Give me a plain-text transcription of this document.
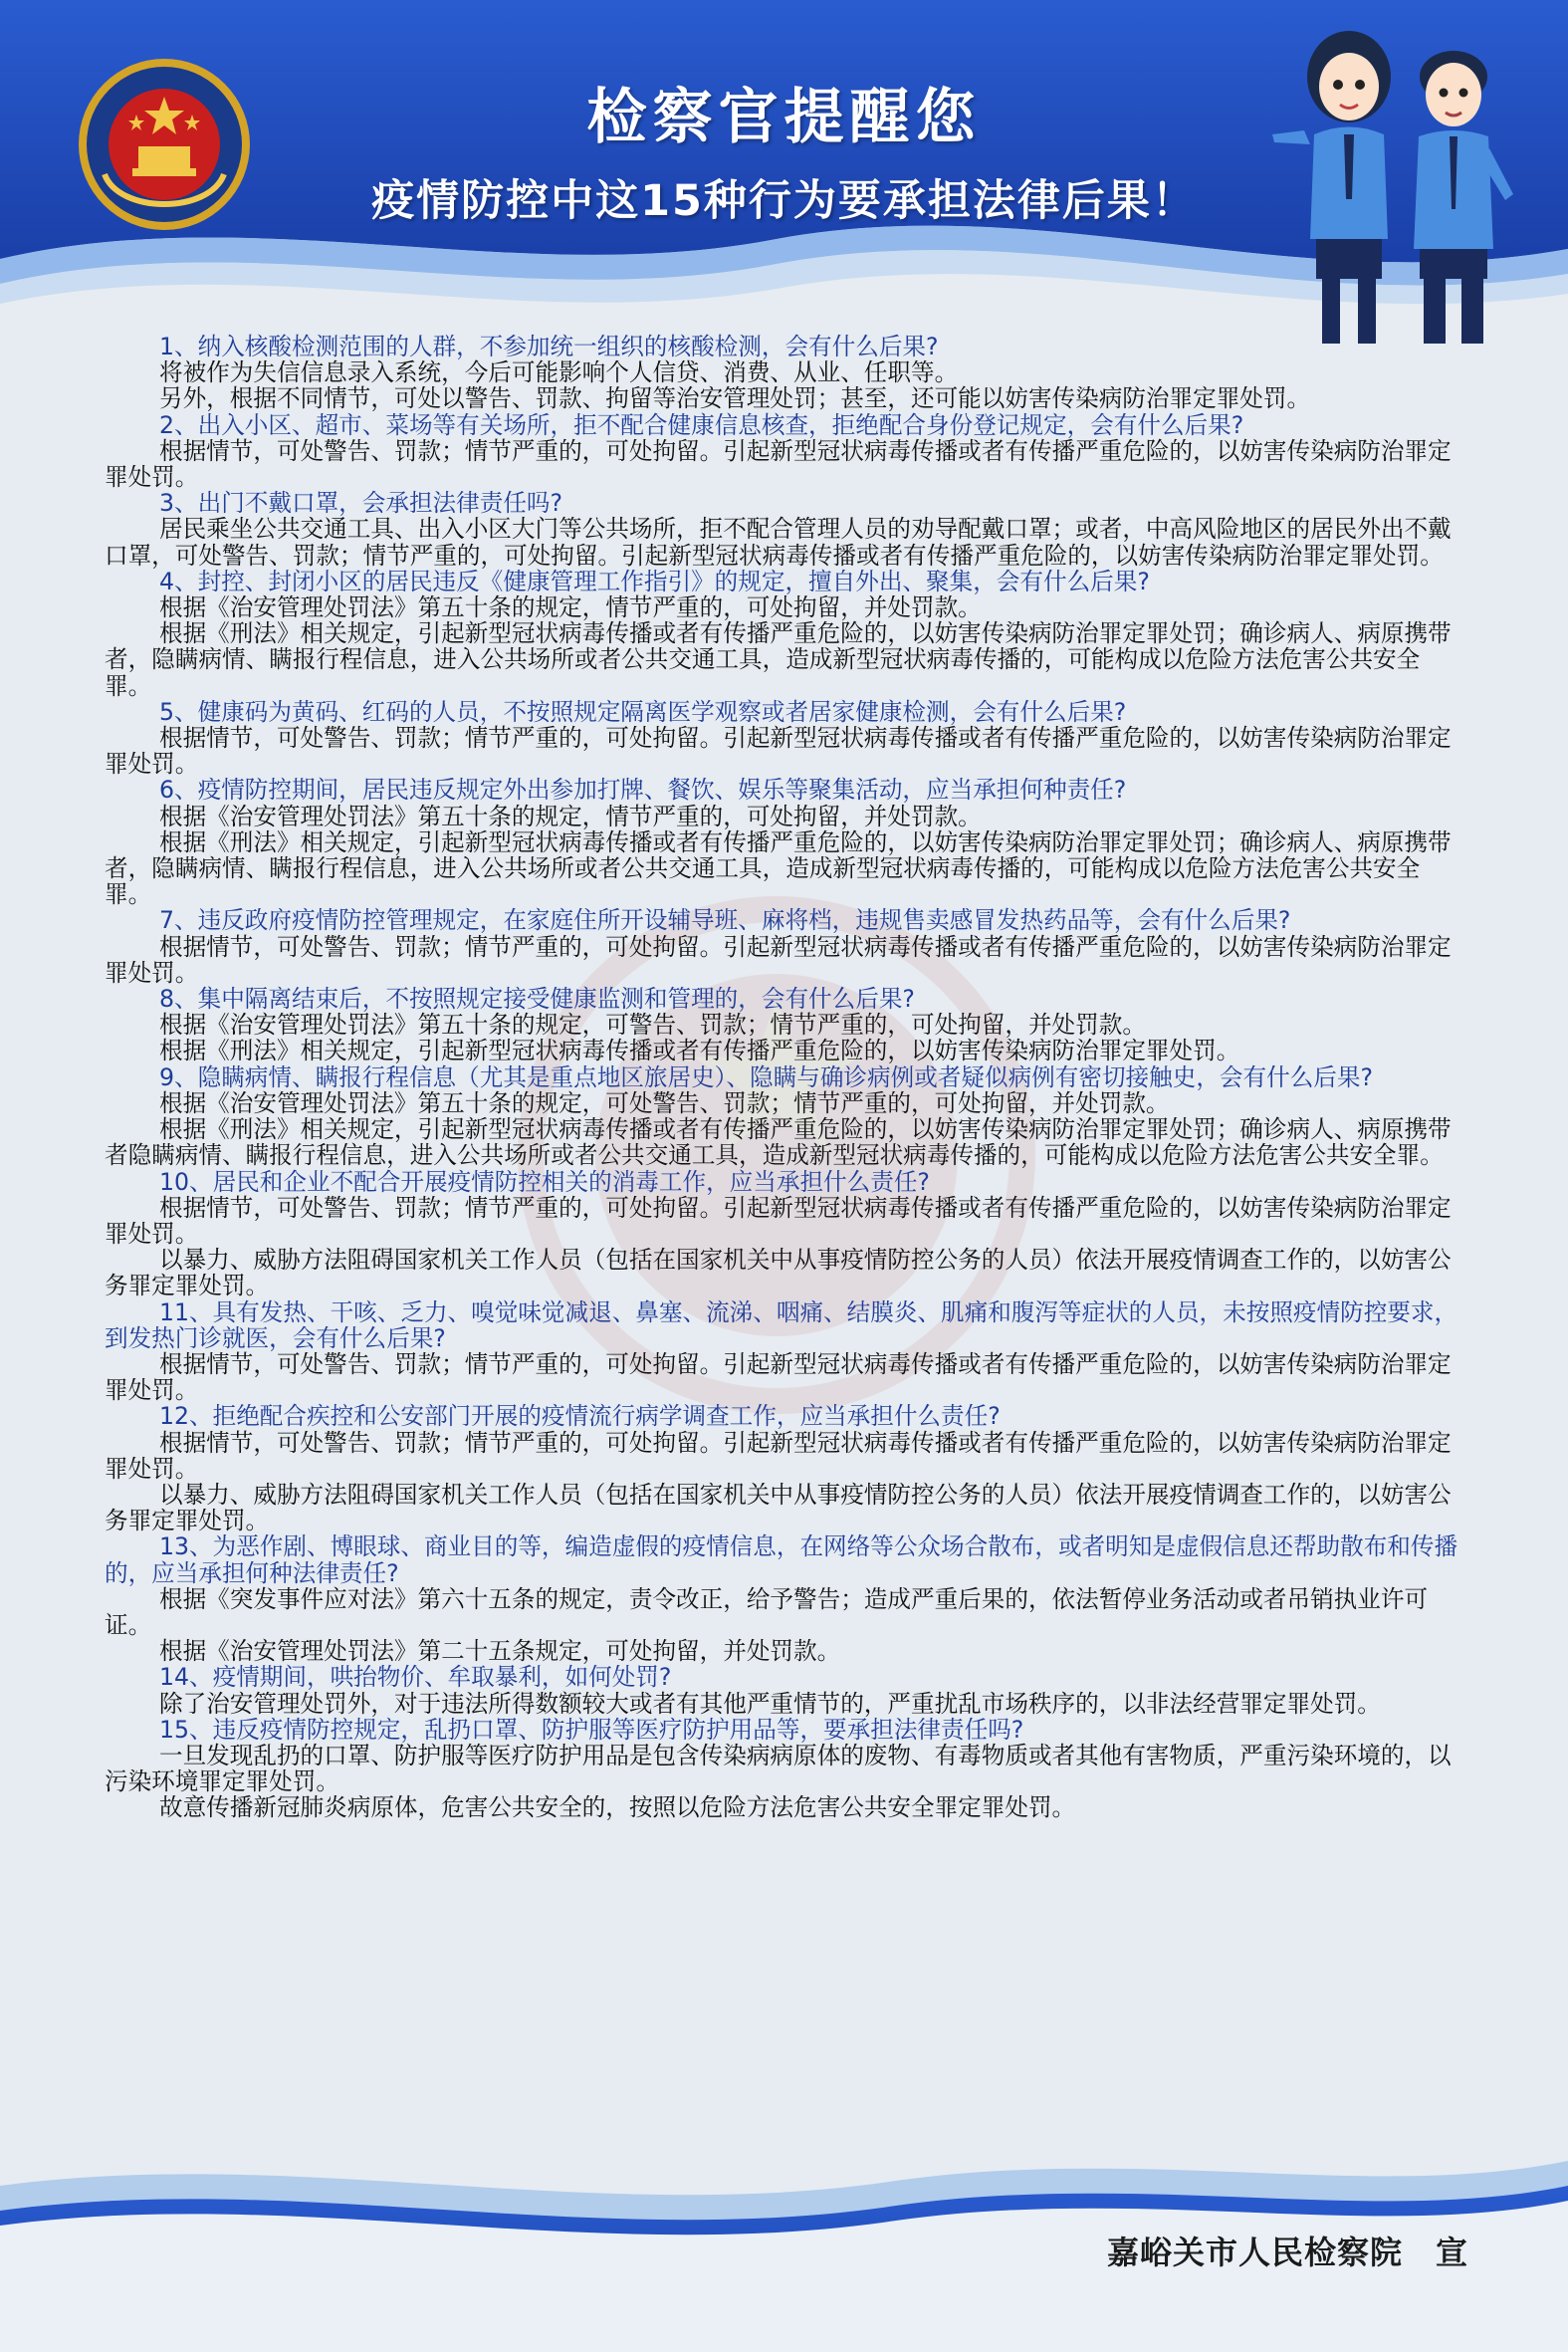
检察官提醒您
疫情防控中这15种行为要承担法律后果！

1、纳入核酸检测范围的人群，不参加统一组织的核酸检测，会有什么后果?

将被作为失信信息录入系统，今后可能影响个人信贷、消费、从业、任职等。

另外，根据不同情节，可处以警告、罚款、拘留等治安管理处罚；甚至，还可能以妨害传染病防治罪定罪处罚。

2、出入小区、超市、菜场等有关场所，拒不配合健康信息核查，拒绝配合身份登记规定，会有什么后果?

根据情节，可处警告、罚款；情节严重的，可处拘留。引起新型冠状病毒传播或者有传播严重危险的，以妨害传染病防治罪定罪处罚。

3、出门不戴口罩，会承担法律责任吗?

居民乘坐公共交通工具、出入小区大门等公共场所，拒不配合管理人员的劝导配戴口罩；或者，中高风险地区的居民外出不戴口罩，可处警告、罚款；情节严重的，可处拘留。引起新型冠状病毒传播或者有传播严重危险的，以妨害传染病防治罪定罪处罚。

4、封控、封闭小区的居民违反《健康管理工作指引》的规定，擅自外出、聚集，会有什么后果?

根据《治安管理处罚法》第五十条的规定，情节严重的，可处拘留，并处罚款。

根据《刑法》相关规定，引起新型冠状病毒传播或者有传播严重危险的，以妨害传染病防治罪定罪处罚；确诊病人、病原携带者，隐瞒病情、瞒报行程信息，进入公共场所或者公共交通工具，造成新型冠状病毒传播的，可能构成以危险方法危害公共安全罪。

5、健康码为黄码、红码的人员，不按照规定隔离医学观察或者居家健康检测，会有什么后果?

根据情节，可处警告、罚款；情节严重的，可处拘留。引起新型冠状病毒传播或者有传播严重危险的，以妨害传染病防治罪定罪处罚。

6、疫情防控期间，居民违反规定外出参加打牌、餐饮、娱乐等聚集活动，应当承担何种责任?

根据《治安管理处罚法》第五十条的规定，情节严重的，可处拘留，并处罚款。

根据《刑法》相关规定，引起新型冠状病毒传播或者有传播严重危险的，以妨害传染病防治罪定罪处罚；确诊病人、病原携带者，隐瞒病情、瞒报行程信息，进入公共场所或者公共交通工具，造成新型冠状病毒传播的，可能构成以危险方法危害公共安全罪。

7、违反政府疫情防控管理规定，在家庭住所开设辅导班、麻将档，违规售卖感冒发热药品等，会有什么后果?

根据情节，可处警告、罚款；情节严重的，可处拘留。引起新型冠状病毒传播或者有传播严重危险的，以妨害传染病防治罪定罪处罚。

8、集中隔离结束后，不按照规定接受健康监测和管理的，会有什么后果?

根据《治安管理处罚法》第五十条的规定，可警告、罚款；情节严重的，可处拘留，并处罚款。

根据《刑法》相关规定，引起新型冠状病毒传播或者有传播严重危险的，以妨害传染病防治罪定罪处罚。

9、隐瞒病情、瞒报行程信息（尤其是重点地区旅居史）、隐瞒与确诊病例或者疑似病例有密切接触史，会有什么后果?

根据《治安管理处罚法》第五十条的规定，可处警告、罚款；情节严重的，可处拘留，并处罚款。

根据《刑法》相关规定，引起新型冠状病毒传播或者有传播严重危险的，以妨害传染病防治罪定罪处罚；确诊病人、病原携带者隐瞒病情、瞒报行程信息，进入公共场所或者公共交通工具，造成新型冠状病毒传播的，可能构成以危险方法危害公共安全罪。

10、居民和企业不配合开展疫情防控相关的消毒工作，应当承担什么责任?

根据情节，可处警告、罚款；情节严重的，可处拘留。引起新型冠状病毒传播或者有传播严重危险的，以妨害传染病防治罪定罪处罚。

以暴力、威胁方法阻碍国家机关工作人员（包括在国家机关中从事疫情防控公务的人员）依法开展疫情调查工作的，以妨害公务罪定罪处罚。

11、具有发热、干咳、乏力、嗅觉味觉减退、鼻塞、流涕、咽痛、结膜炎、肌痛和腹泻等症状的人员，未按照疫情防控要求，到发热门诊就医，会有什么后果?

根据情节，可处警告、罚款；情节严重的，可处拘留。引起新型冠状病毒传播或者有传播严重危险的，以妨害传染病防治罪定罪处罚。

12、拒绝配合疾控和公安部门开展的疫情流行病学调查工作，应当承担什么责任?

根据情节，可处警告、罚款；情节严重的，可处拘留。引起新型冠状病毒传播或者有传播严重危险的，以妨害传染病防治罪定罪处罚。

以暴力、威胁方法阻碍国家机关工作人员（包括在国家机关中从事疫情防控公务的人员）依法开展疫情调查工作的，以妨害公务罪定罪处罚。

13、为恶作剧、博眼球、商业目的等，编造虚假的疫情信息，在网络等公众场合散布，或者明知是虚假信息还帮助散布和传播的，应当承担何种法律责任?

根据《突发事件应对法》第六十五条的规定，责令改正，给予警告；造成严重后果的，依法暂停业务活动或者吊销执业许可证。

根据《治安管理处罚法》第二十五条规定，可处拘留，并处罚款。

14、疫情期间，哄抬物价、牟取暴利，如何处罚?

除了治安管理处罚外，对于违法所得数额较大或者有其他严重情节的，严重扰乱市场秩序的，以非法经营罪定罪处罚。

15、违反疫情防控规定，乱扔口罩、防护服等医疗防护用品等，要承担法律责任吗?

一旦发现乱扔的口罩、防护服等医疗防护用品是包含传染病病原体的废物、有毒物质或者其他有害物质，严重污染环境的，以污染环境罪定罪处罚。

故意传播新冠肺炎病原体，危害公共安全的，按照以危险方法危害公共安全罪定罪处罚。

嘉峪关市人民检察院　宣
